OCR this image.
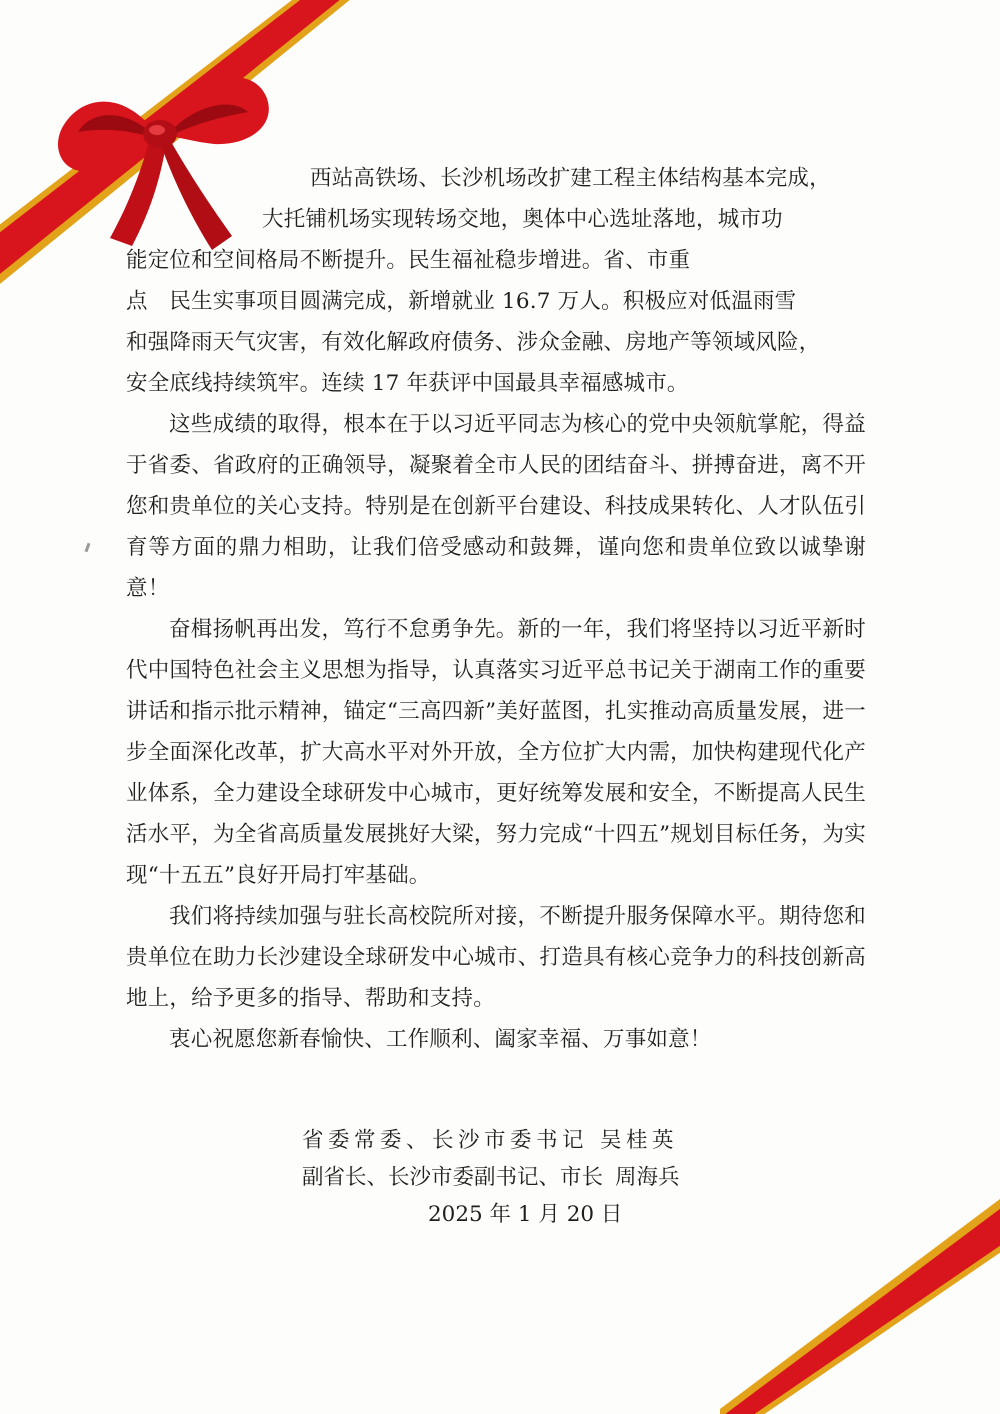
西站高铁场、长沙机场改扩建工程主体结构基本完成，
大托铺机场实现转场交地，奥体中心选址落地，城市功
能定位和空间格局不断提升。民生福祉稳步增进。省、市重
点　民生实事项目圆满完成，新增就业 16.7 万人。积极应对低温雨雪
和强降雨天气灾害，有效化解政府债务、涉众金融、房地产等领域风险，
安全底线持续筑牢。连续 17 年获评中国最具幸福感城市。

这些成绩的取得，根本在于以习近平同志为核心的党中央领航掌舵，得益于省委、省政府的正确领导，凝聚着全市人民的团结奋斗、拼搏奋进，离不开您和贵单位的关心支持。特别是在创新平台建设、科技成果转化、人才队伍引育等方面的鼎力相助，让我们倍受感动和鼓舞，谨向您和贵单位致以诚挚谢意！

奋楫扬帆再出发，笃行不怠勇争先。新的一年，我们将坚持以习近平新时代中国特色社会主义思想为指导，认真落实习近平总书记关于湖南工作的重要讲话和指示批示精神，锚定“三高四新”美好蓝图，扎实推动高质量发展，进一步全面深化改革，扩大高水平对外开放，全方位扩大内需，加快构建现代化产业体系，全力建设全球研发中心城市，更好统筹发展和安全，不断提高人民生活水平，为全省高质量发展挑好大梁，努力完成“十四五”规划目标任务，为实现“十五五”良好开局打牢基础。

我们将持续加强与驻长高校院所对接，不断提升服务保障水平。期待您和贵单位在助力长沙建设全球研发中心城市、打造具有核心竞争力的科技创新高地上，给予更多的指导、帮助和支持。

衷心祝愿您新春愉快、工作顺利、阖家幸福、万事如意！

省委常委、长沙市委书记 吴桂英
副省长、长沙市委副书记、市长 周海兵
2025 年 1 月 20 日
